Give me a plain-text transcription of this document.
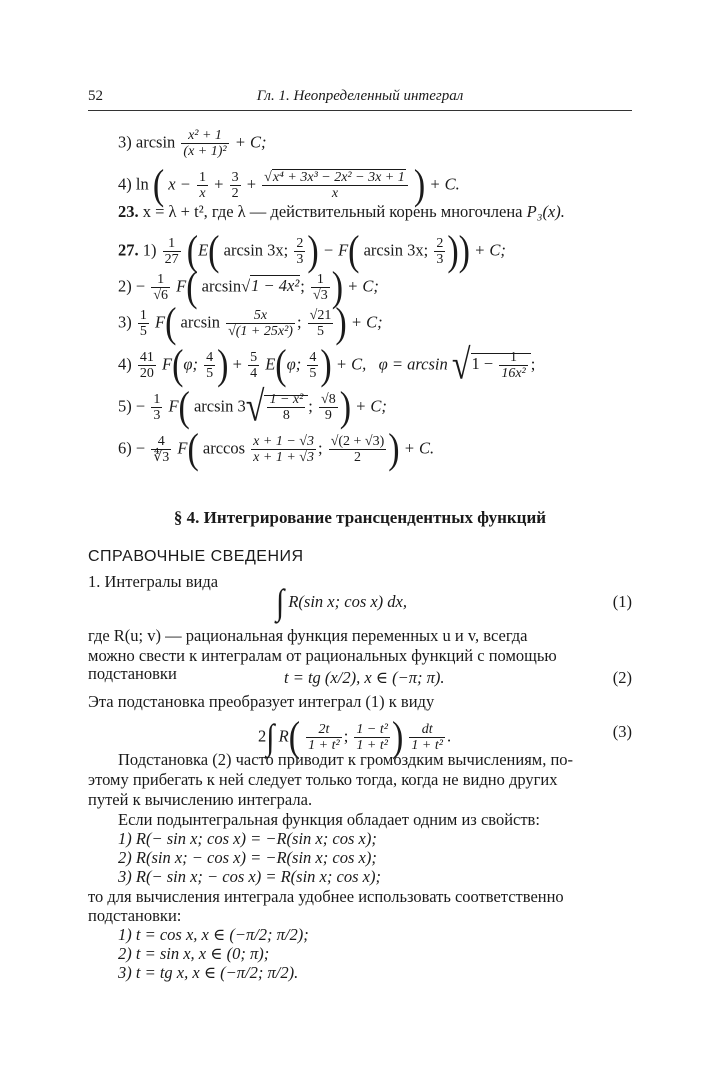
52	Гл. 1. Неопределенный интеграл
3) $\arcsin \frac{\text{x² + 1}}{\text{(x + 1)²}} + C$;
4) ln ( $x - \frac{1}{x} + \frac{3}{2} + \frac{\text{√x⁴ + 3x³ − 2x² − 3x + 1}}{x}$ ) + C.
23. x = λ + t², где λ — действительный корень многочлена P₃(x).
27. $1) \frac{1}{27} (E$( arcsin 3x; $\frac{2}{3}$ ) − F( arcsin 3x; $\frac{2}{3}$ )) + C;
$2) - \frac{1}{√6} F$( arcsin√1 − 4x²; $\frac{1}{√3}$ ) + C;
$3) \frac{1}{5} F$( $\arcsin \frac{5x}{\text{√(1 + 25x²)}}$ ; $\frac{√21}{5}$ ) + C;
$4) \frac{41}{20} F(\varphi$; $\frac{4}{5}$ ) + $\frac{5}{4} E(\varphi$; $\frac{4}{5}$ ) + C,   $\varphi = \arcsin √1 - \frac{1}{\text{16x²}}$ ;
$5) - \frac{1}{3} F$( $\arcsin 3√ \frac{\text{1 − x²}}{8}$ ; $\frac{√8}{9}$ ) + C;
$6) - \frac{4}{∜3} F$( $\arccos \frac{x + 1 - √3}{x + 1 + √3}$ ; $\frac{√(2 + √3)}{2}$ ) + C.
§ 4. Интегрирование трансцендентных функций
СПРАВОЧНЫЕ СВЕДЕНИЯ
1. Интегралы вида
∫ R(sin x; cos x) dx,	(1)
где R(u; v) — рациональная функция переменных u и v, всегда
можно свести к интегралам от рациональных функций с помощью
подстановки	t = tg (x/2), x ∈ (−π; π).	(2)
Эта подстановка преобразует интеграл (1) к виду
2∫ $R( \frac{2t}{\text{1 + t²}}$ ; $\frac{\text{1 − t²}}{\text{1 + t²}}$ ) $\frac{dt}{\text{1 + t²}}$ .	(3)
Подстановка (2) часто приводит к громоздким вычислениям, по-
этому прибегать к ней следует только тогда, когда не видно других
путей к вычислению интеграла.
Если подынтегральная функция обладает одним из свойств:
1) R(− sin x; cos x) = −R(sin x; cos x);
2) R(sin x; − cos x) = −R(sin x; cos x);
3) R(− sin x; − cos x) = R(sin x; cos x);
то для вычисления интеграла удобнее использовать соответственно
подстановки:
1) t = cos x, x ∈ (−π/2; π/2);
2) t = sin x, x ∈ (0; π);
3) t = tg x, x ∈ (−π/2; π/2).
